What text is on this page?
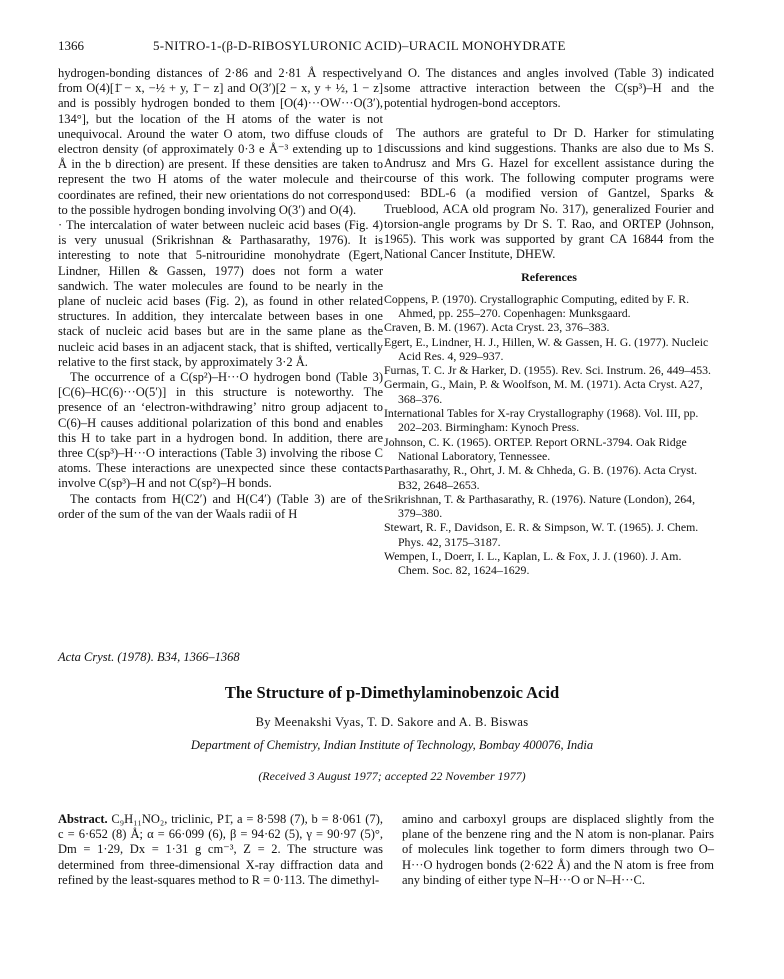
1366	5-NITRO-1-(β-D-RIBOSYLURONIC ACID)–URACIL MONOHYDRATE

hydrogen-bonding distances of 2·86 and 2·81 Å respectively from O(4)[1̄ − x, −½ + y, 1̄ − z] and O(3′)[2 − x, y + ½, 1 − z] and is possibly hydrogen bonded to them [O(4)···OW···O(3′), 134°], but the location of the H atoms of the water is not unequivocal. Around the water O atom, two diffuse clouds of electron density (of approximately 0·3 e Å⁻³ extending up to 1 Å in the b direction) are present. If these densities are taken to represent the two H atoms of the water molecule and their coordinates are refined, their new orientations do not correspond to the possible hydrogen bonding involving O(3′) and O(4).

· The intercalation of water between nucleic acid bases (Fig. 4) is very unusual (Srikrishnan & Parthasarathy, 1976). It is interesting to note that 5-nitrouridine monohydrate (Egert, Lindner, Hillen & Gassen, 1977) does not form a water sandwich. The water molecules are found to be nearly in the plane of nucleic acid bases (Fig. 2), as found in other related structures. In addition, they intercalate between bases in one stack of nucleic acid bases but are in the same plane as the nucleic acid bases in an adjacent stack, that is shifted, vertically relative to the first stack, by approximately 3·2 Å.

The occurrence of a C(sp²)–H···O hydrogen bond (Table 3) [C(6)–HC(6)···O(5′)] in this structure is noteworthy. The presence of an ‘electron-withdrawing’ nitro group adjacent to C(6)–H causes additional polarization of this bond and enables this H to take part in a hydrogen bond. In addition, there are three C(sp³)–H···O interactions (Table 3) involving the ribose C atoms. These interactions are unexpected since these contacts involve C(sp³)–H and not C(sp²)–H bonds.

The contacts from H(C2′) and H(C4′) (Table 3) are of the order of the sum of the van der Waals radii of H

and O. The distances and angles involved (Table 3) indicated some attractive interaction between the C(sp³)–H and the potential hydrogen-bond acceptors.

The authors are grateful to Dr D. Harker for stimulating discussions and kind suggestions. Thanks are also due to Ms S. Andrusz and Mrs G. Hazel for excellent assistance during the course of this work. The following computer programs were used: BDL-6 (a modified version of Gantzel, Sparks & Trueblood, ACA old program No. 317), generalized Fourier and torsion-angle programs by Dr S. T. Rao, and ORTEP (Johnson, 1965). This work was supported by grant CA 16844 from the National Cancer Institute, DHEW.

References

Coppens, P. (1970). Crystallographic Computing, edited by F. R. Ahmed, pp. 255–270. Copenhagen: Munksgaard.

Craven, B. M. (1967). Acta Cryst. 23, 376–383.

Egert, E., Lindner, H. J., Hillen, W. & Gassen, H. G. (1977). Nucleic Acid Res. 4, 929–937.

Furnas, T. C. Jr & Harker, D. (1955). Rev. Sci. Instrum. 26, 449–453.

Germain, G., Main, P. & Woolfson, M. M. (1971). Acta Cryst. A27, 368–376.

International Tables for X-ray Crystallography (1968). Vol. III, pp. 202–203. Birmingham: Kynoch Press.

Johnson, C. K. (1965). ORTEP. Report ORNL-3794. Oak Ridge National Laboratory, Tennessee.

Parthasarathy, R., Ohrt, J. M. & Chheda, G. B. (1976). Acta Cryst. B32, 2648–2653.

Srikrishnan, T. & Parthasarathy, R. (1976). Nature (London), 264, 379–380.

Stewart, R. F., Davidson, E. R. & Simpson, W. T. (1965). J. Chem. Phys. 42, 3175–3187.

Wempen, I., Doerr, I. L., Kaplan, L. & Fox, J. J. (1960). J. Am. Chem. Soc. 82, 1624–1629.

Acta Cryst. (1978). B34, 1366–1368
The Structure of p-Dimethylaminobenzoic Acid
By Meenakshi Vyas, T. D. Sakore and A. B. Biswas
Department of Chemistry, Indian Institute of Technology, Bombay 400076, India
(Received 3 August 1977; accepted 22 November 1977)

Abstract. C₉H₁₁NO₂, triclinic, P1̄, a = 8·598 (7), b = 8·061 (7), c = 6·652 (8) Å; α = 66·099 (6), β = 94·62 (5), γ = 90·97 (5)°, Dm = 1·29, Dx = 1·31 g cm⁻³, Z = 2. The structure was determined from three-dimensional X-ray diffraction data and refined by the least-squares method to R = 0·113. The dimethyl-

amino and carboxyl groups are displaced slightly from the plane of the benzene ring and the N atom is non-planar. Pairs of molecules link together to form dimers through two O–H···O hydrogen bonds (2·622 Å) and the N atom is free from any binding of either type N–H···O or N–H···C.
